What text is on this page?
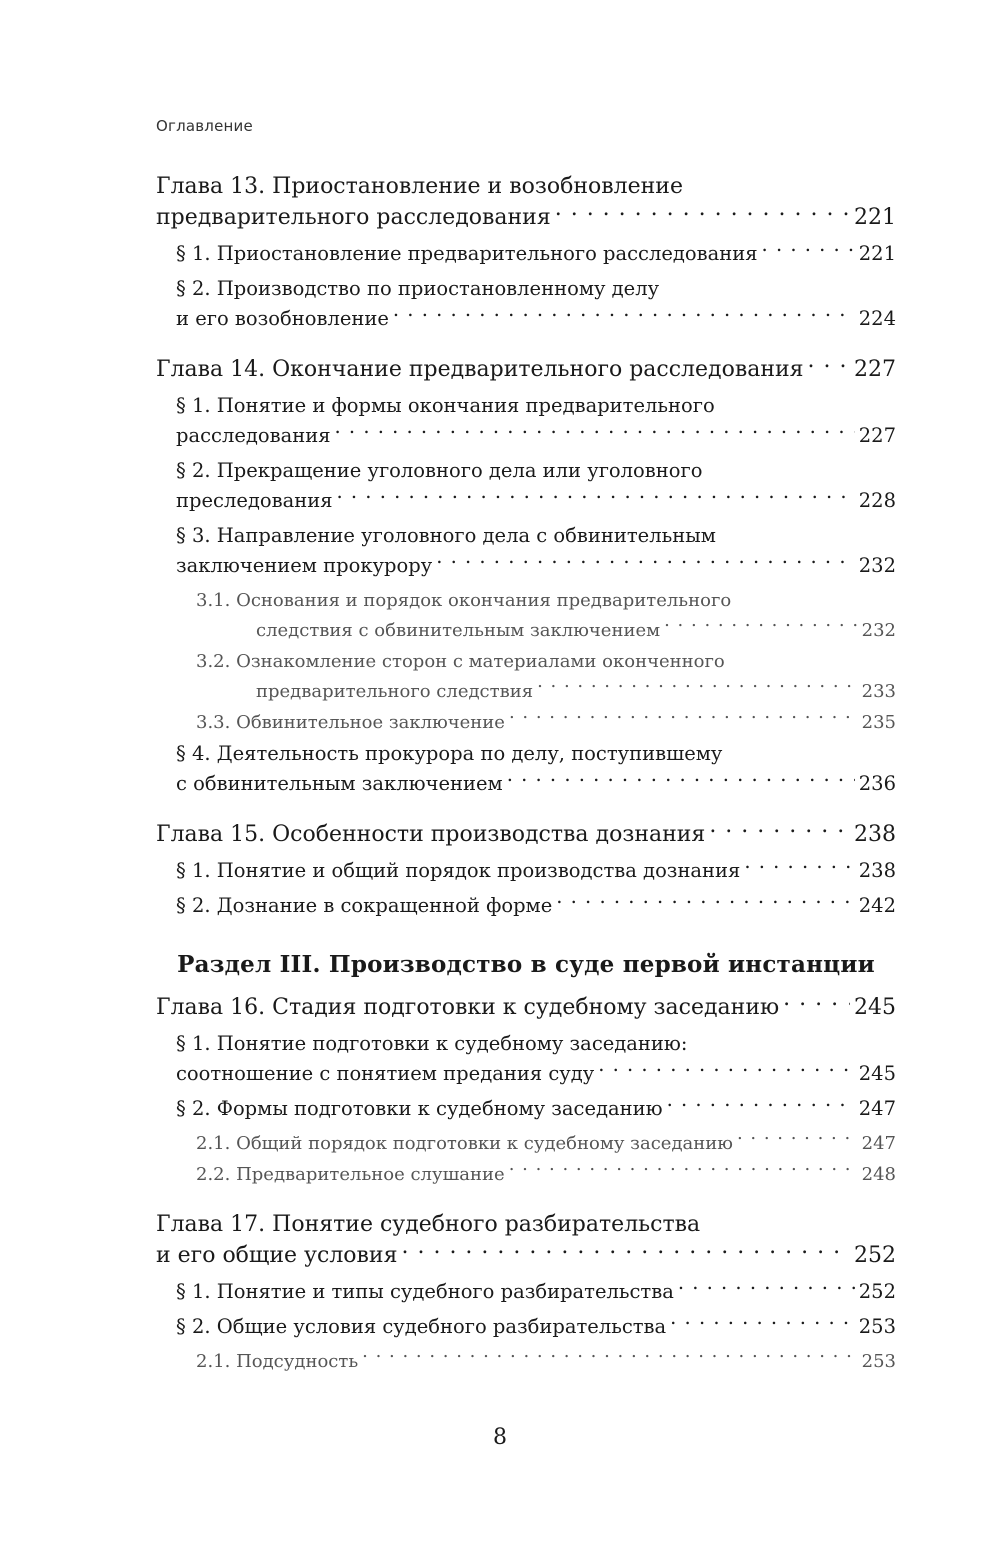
Оглавление
Глава 13. Приостановление и возобновление
предварительного расследования . . .	221
§ 1. Приостановление предварительного расследования . . .	221
§ 2. Производство по приостановленному делу
и его возобновление . . .	224
Глава 14. Окончание предварительного расследования . . . 227
§ 1. Понятие и формы окончания предварительного
расследования . . .	227
§ 2. Прекращение уголовного дела или уголовного
преследования . . .	228
§ 3. Направление уголовного дела с обвинительным
заключением прокурору . . .	232
3.1. Основания и порядок окончания предварительного
следствия с обвинительным заключением . . .	232
3.2. Ознакомление сторон с материалами оконченного
предварительного следствия . . .	233
3.3. Обвинительное заключение . . .	235
§ 4. Деятельность прокурора по делу, поступившему
с обвинительным заключением . . .	236
Глава 15. Особенности производства дознания . . .	238
§ 1. Понятие и общий порядок производства дознания . . .	238
§ 2. Дознание в сокращенной форме . . .	242
Раздел III. Производство в суде первой инстанции
Глава 16. Стадия подготовки к судебному заседанию . . .	245
§ 1. Понятие подготовки к судебному заседанию:
соотношение с понятием предания суду . . .	245
§ 2. Формы подготовки к судебному заседанию . . .	247
2.1. Общий порядок подготовки к судебному заседанию . . .	247
2.2. Предварительное слушание . . .	248
Глава 17. Понятие судебного разбирательства
и его общие условия . . .	252
§ 1. Понятие и типы судебного разбирательства . . .	252
§ 2. Общие условия судебного разбирательства . . .	253
2.1. Подсудность . . .	253
8
